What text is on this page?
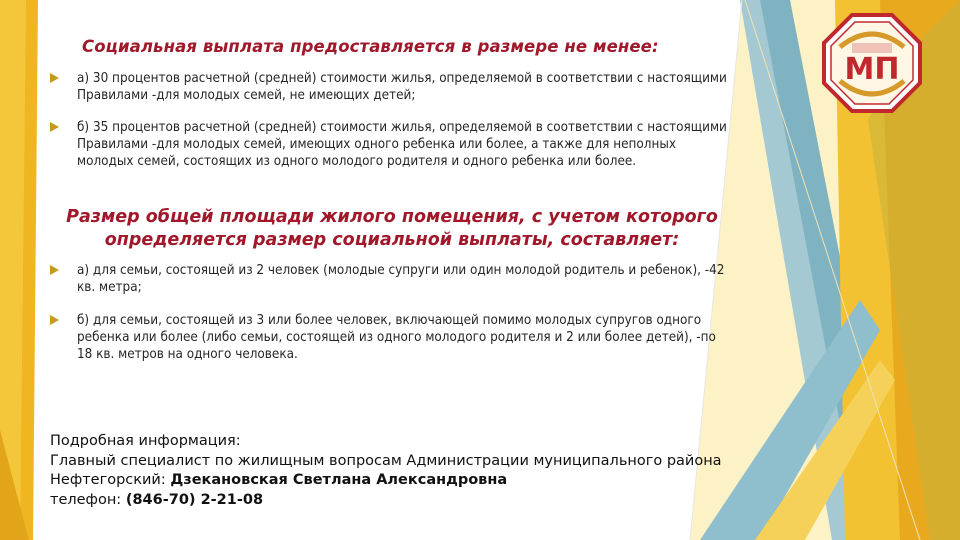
МП

Социальная выплата предоставляется в размере не менее:

а) 30 процентов расчетной (средней) стоимости жилья, определяемой в соответствии с настоящими Правилами -для молодых семей, не имеющих детей;
б) 35 процентов расчетной (средней) стоимости жилья, определяемой в соответствии с настоящими Правилами -для молодых семей, имеющих одного ребенка или более, а также для неполных молодых семей, состоящих из одного молодого родителя и одного ребенка или более.

Размер общей площади жилого помещения, с учетом которого определяется размер социальной выплаты, составляет:

а) для семьи, состоящей из 2 человек (молодые супруги или один молодой родитель и ребенок), -42 кв. метра;
б) для семьи, состоящей из 3 или более человек, включающей помимо молодых супругов одного ребенка или более (либо семьи, состоящей из одного молодого родителя и 2 или более детей), -по 18 кв. метров на одного человека.
Подробная информация:
Главный специалист по жилищным вопросам Администрации муниципального района
Нефтегорский: Дзекановская Светлана Александровна
телефон: (846-70) 2-21-08
